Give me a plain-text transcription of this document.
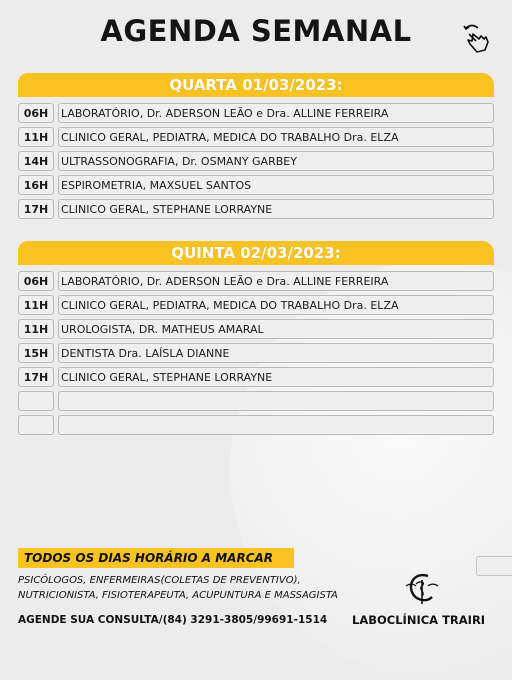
AGENDA SEMANAL
QUARTA 01/03/2023:
06H	LABORATÓRIO, Dr. ADERSON LEÃO e Dra. ALLINE FERREIRA
11H	CLINICO GERAL, PEDIATRA, MEDICA DO TRABALHO Dra. ELZA
14H	ULTRASSONOGRAFIA, Dr. OSMANY GARBEY
16H	ESPIROMETRIA, MAXSUEL SANTOS
17H	CLINICO GERAL, STEPHANE LORRAYNE
QUINTA 02/03/2023:
06H	LABORATÓRIO, Dr. ADERSON LEÃO e Dra. ALLINE FERREIRA
11H	CLINICO GERAL, PEDIATRA, MEDICA DO TRABALHO Dra. ELZA
11H	UROLOGISTA, DR. MATHEUS AMARAL
15H	DENTISTA Dra. LAÍSLA DIANNE
17H	CLINICO GERAL, STEPHANE LORRAYNE
TODOS OS DIAS HORÁRIO A MARCAR
PSICÓLOGOS, ENFERMEIRAS(COLETAS DE PREVENTIVO),
NUTRICIONISTA, FISIOTERAPEUTA, ACUPUNTURA E MASSAGISTA
AGENDE SUA CONSULTA/(84) 3291-3805/99691-1514 LABOCLÍNICA TRAIRI
